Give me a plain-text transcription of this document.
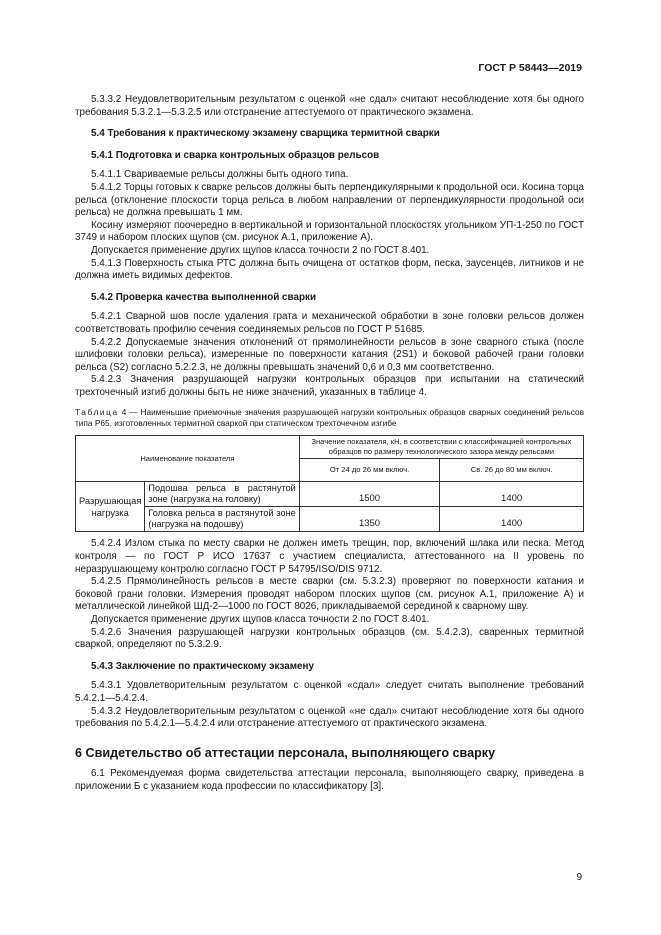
ГОСТ Р 58443—2019

5.3.3.2 Неудовлетворительным результатом с оценкой «не сдал» считают несоблюдение хотя бы одного требования 5.3.2.1—5.3.2.5 или отстранение аттестуемого от практического экзамена.

5.4 Требования к практическому экзамену сварщика термитной сварки

5.4.1 Подготовка и сварка контрольных образцов рельсов

5.4.1.1 Свариваемые рельсы должны быть одного типа.

5.4.1.2 Торцы готовых к сварке рельсов должны быть перпендикулярными к продольной оси. Косина торца рельса (отклонение плоскости торца рельса в любом направлении от перпендикулярности продольной оси рельса) не должна превышать 1 мм.

Косину измеряют поочередно в вертикальной и горизонтальной плоскостях угольником УП-1-250 по ГОСТ 3749 и набором плоских щупов (см. рисунок А.1, приложение А).

Допускается применение других щупов класса точности 2 по ГОСТ 8.401.

5.4.1.3 Поверхность стыка РТС должна быть очищена от остатков форм, песка, заусенцев, литников и не должна иметь видимых дефектов.

5.4.2 Проверка качества выполненной сварки

5.4.2.1 Сварной шов после удаления грата и механической обработки в зоне головки рельсов должен соответствовать профилю сечения соединяемых рельсов по ГОСТ Р 51685.

5.4.2.2 Допускаемые значения отклонений от прямолинейности рельсов в зоне сварного стыка (после шлифовки головки рельса), измеренные по поверхности катания (2S1) и боковой рабочей грани головки рельса (S2) согласно 5.2.2.3, не должны превышать значений 0,6 и 0,3 мм соответственно.

5.4.2.3 Значения разрушающей нагрузки контрольных образцов при испытании на статический трехточечный изгиб должны быть не ниже значений, указанных в таблице 4.

Таблица 4 — Наименьшие приемочные значения разрушающей нагрузки контрольных образцов сварных соединений рельсов типа Р65, изготовленных термитной сваркой при статическом трехточечном изгибе

Наименование показателя		Значение показателя, кН, в соответствии с классификацией контрольных образцов по размеру технологического зазора между рельсами	
		От 24 до 26 мм включ.	Св. 26 до 80 мм включ.
Разрушающая нагрузка	Подошва рельса в растянутой зоне (нагрузка на головку)	1500	1400
	Головка рельса в растянутой зоне (нагрузка на подошву)	1350	1400

5.4.2.4 Излом стыка по месту сварки не должен иметь трещин, пор, включений шлака или песка. Метод контроля — по ГОСТ Р ИСО 17637 с участием специалиста, аттестованного на II уровень по неразрушающему контролю согласно ГОСТ Р 54795/ISO/DIS 9712.

5.4.2.5 Прямолинейность рельсов в месте сварки (см. 5.3.2.3) проверяют по поверхности катания и боковой грани головки. Измерения проводят набором плоских щупов (см. рисунок А.1, приложение А) и металлической линейкой ШД-2—1000 по ГОСТ 8026, прикладываемой серединой к сварному шву.

Допускается применение других щупов класса точности 2 по ГОСТ 8.401.

5.4.2.6 Значения разрушающей нагрузки контрольных образцов (см. 5.4.2.3), сваренных термитной сваркой, определяют по 5.3.2.9.

5.4.3 Заключение по практическому экзамену

5.4.3.1 Удовлетворительным результатом с оценкой «сдал» следует считать выполнение требований 5.4.2.1—5.4.2.4.

5.4.3.2 Неудовлетворительным результатом с оценкой «не сдал» считают несоблюдение хотя бы одного требования по 5.4.2.1—5.4.2.4 или отстранение аттестуемого от практического экзамена.

6 Свидетельство об аттестации персонала, выполняющего сварку

6.1 Рекомендуемая форма свидетельства аттестации персонала, выполняющего сварку, приведена в приложении Б с указанием кода профессии по классификатору [3].

9
